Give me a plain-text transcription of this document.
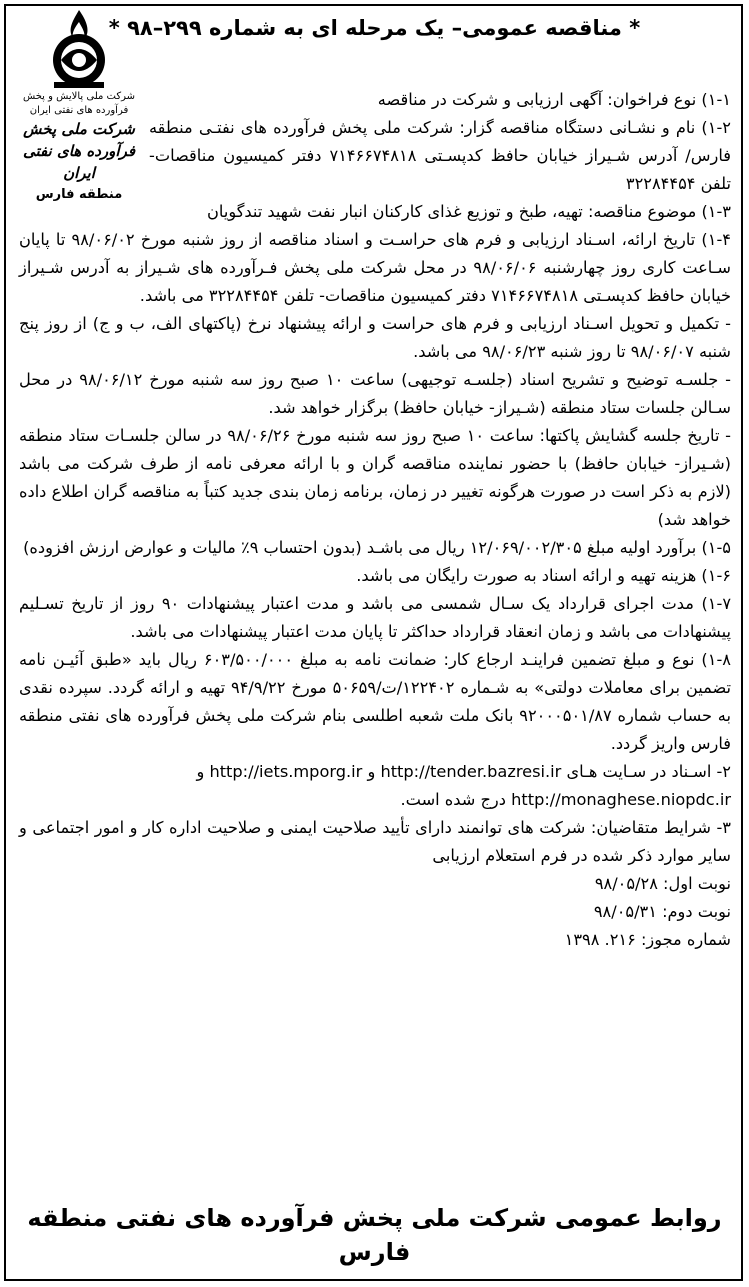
* مناقصه عمومی– یک مرحله ای به شماره ۲۹۹–۹۸ *
شرکت ملی پالایش و پخش فرآورده های نفتی ایران
شرکت ملی پخش فرآورده های نفتی ایران
منطقه فارس

۱-۱) نوع فراخوان: آگهی ارزیابی و شرکت در مناقصه

۱-۲) نام و نشـانی دستگاه مناقصه گزار: شرکت ملی پخش فرآورده های نفتـی منطقه فارس/ آدرس شـیراز خیابان حافظ کدپسـتی ۷۱۴۶۶۷۴۸۱۸ دفتر کمیسیون مناقصات- تلفن ۳۲۲۸۴۴۵۴

۱-۳) موضوع مناقصه: تهیه، طبخ و توزیع غذای کارکنان انبار نفت شهید تندگویان

۱-۴) تاریخ ارائه، اسـناد ارزیابی و فرم های حراسـت و اسناد مناقصه از روز شنبه مورخ ۹۸/۰۶/۰۲ تا پایان سـاعت کاری روز چهارشنبه ۹۸/۰۶/۰۶ در محل شرکت ملی پخش فـرآورده های شـیراز به آدرس شـیراز خیابان حافظ کدپسـتی ۷۱۴۶۶۷۴۸۱۸ دفتر کمیسیون مناقصات- تلفن ۳۲۲۸۴۴۵۴ می باشد.

- تکمیل و تحویل اسـناد ارزیابی و فرم های حراست و ارائه پیشنهاد نرخ (پاکتهای الف، ب و ج) از روز پنج شنبه ۹۸/۰۶/۰۷ تا روز شنبه ۹۸/۰۶/۲۳ می باشد.

- جلسـه توضیح و تشریح اسناد (جلسـه توجیهی) ساعت ۱۰ صبح روز سه شنبه مورخ ۹۸/۰۶/۱۲ در محل سـالن جلسات ستاد منطقه (شـیراز- خیابان حافظ) برگزار خواهد شد.

- تاریخ جلسه گشایش پاکتها: ساعت ۱۰ صبح روز سه شنبه مورخ ۹۸/۰۶/۲۶ در سالن جلسـات ستاد منطقه (شـیراز- خیابان حافظ) با حضور نماینده مناقصه گران و با ارائه معرفی نامه از طرف شرکت می باشد (لازم به ذکر است در صورت هرگونه تغییر در زمان، برنامه زمان بندی جدید کتباً به مناقصه گران اطلاع داده خواهد شد)

۱-۵) برآورد اولیه مبلغ ۱۲/۰۶۹/۰۰۲/۳۰۵ ریال می باشـد (بدون احتساب ۹٪ مالیات و عوارض ارزش افزوده)

۱-۶) هزینه تهیه و ارائه اسناد به صورت رایگان می باشد.

۱-۷) مدت اجرای قرارداد یک سـال شمسی می باشد و مدت اعتبار پیشنهادات ۹۰ روز از تاریخ تسـلیم پیشنهادات می باشد و زمان انعقاد قرارداد حداکثر تا پایان مدت اعتبار پیشنهادات می باشد.

۱-۸) نوع و مبلغ تضمین فراینـد ارجاع کار: ضمانت نامه به مبلغ ۶۰۳/۵۰۰/۰۰۰ ریال باید «طبق آئیـن نامه تضمین برای معاملات دولتی» به شـماره ۱۲۲۴۰۲/ت/۵۰۶۵۹ مورخ ۹۴/۹/۲۲ تهیه و ارائه گردد. سپرده نقدی به حساب شماره ۹۲۰۰۰۵۰۱/۸۷ بانک ملت شعبه اطلسی بنام شرکت ملی پخش فرآورده های نفتی منطقه فارس واریز گردد.

۲- اسـناد در سـایت هـای http://tender.bazresi.ir و http://iets.mporg.ir و

http://monaghese.niopdc.ir درج شده است.

۳- شرایط متقاضیان: شرکت های توانمند دارای تأیید صلاحیت ایمنی و صلاحیت اداره کار و امور اجتماعی و سایر موارد ذکر شده در فرم استعلام ارزیابی

نوبت اول: ۹۸/۰۵/۲۸

نوبت دوم: ۹۸/۰۵/۳۱

شماره مجوز: ۲۱۶. ۱۳۹۸

روابط عمومی شرکت ملی پخش فرآورده های نفتی منطقه فارس
